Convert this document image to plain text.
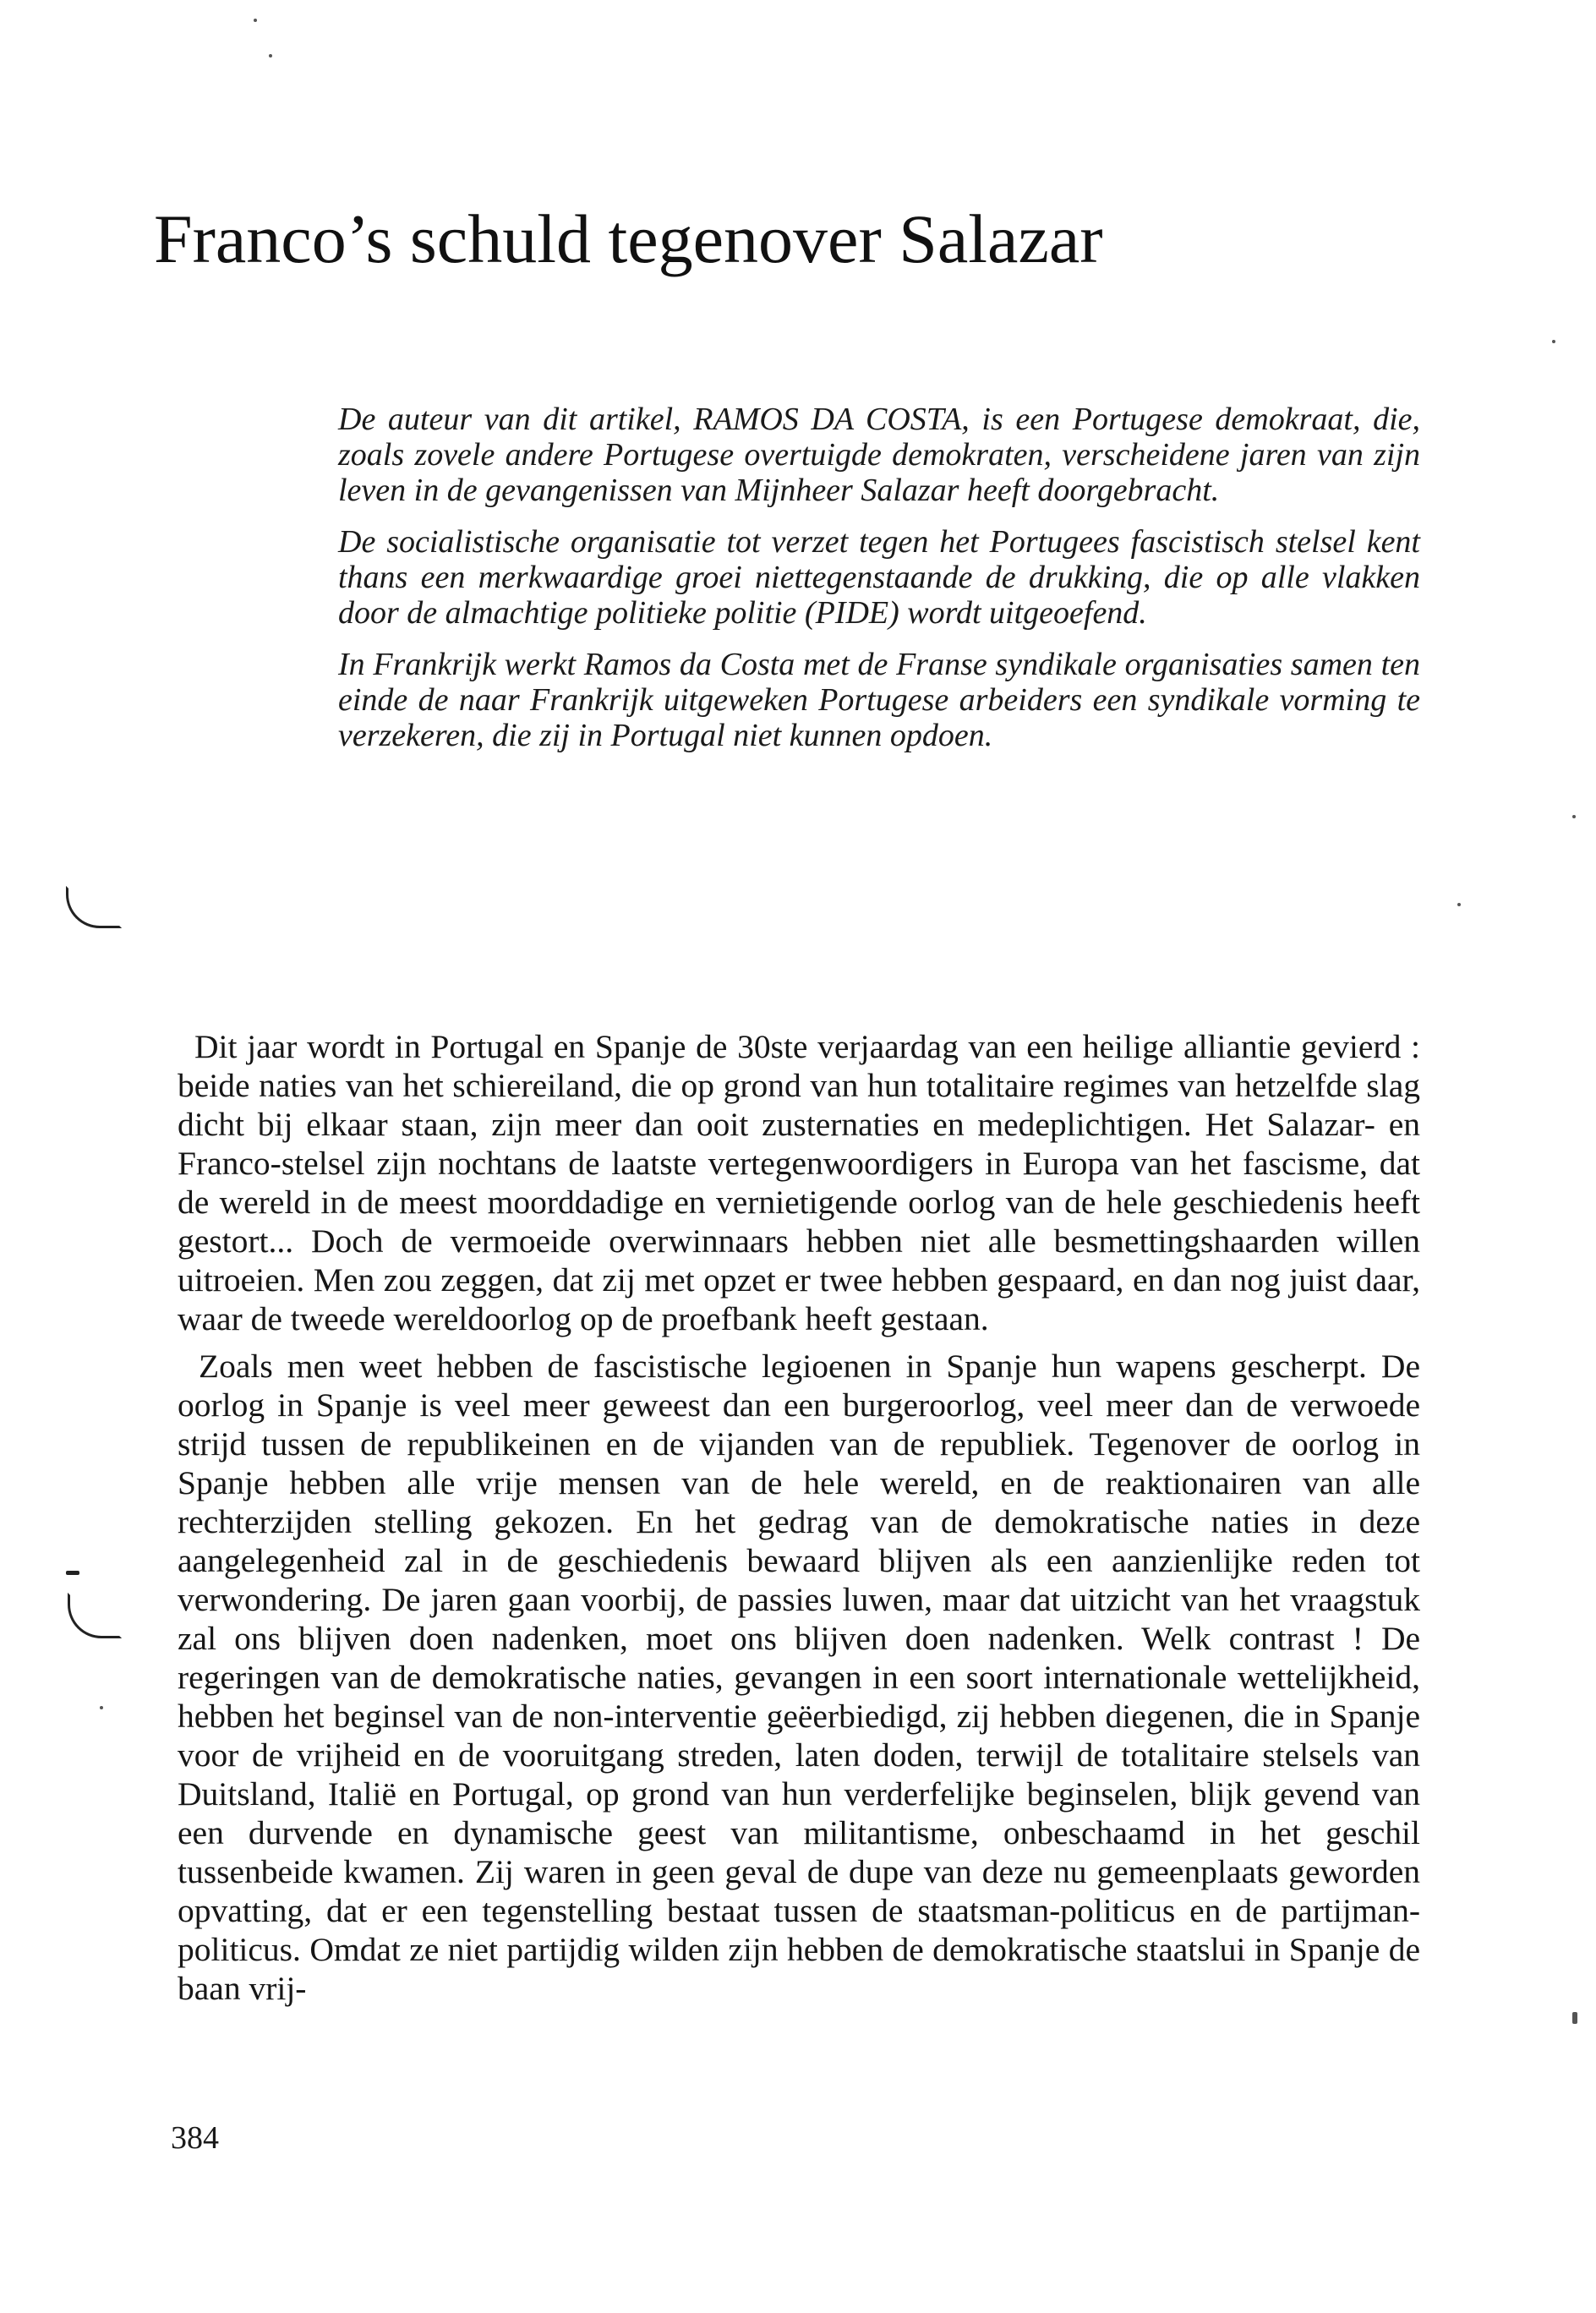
Franco’s schuld tegenover Salazar

De auteur van dit artikel, RAMOS DA COSTA, is een Portugese demokraat, die, zoals zovele andere Portugese overtuigde demokraten, verscheidene jaren van zijn leven in de gevangenissen van Mijnheer Salazar heeft doorgebracht.

De socialistische organisatie tot verzet tegen het Portugees fascistisch stelsel kent thans een merkwaardige groei niettegenstaande de drukking, die op alle vlakken door de almachtige politieke politie (PIDE) wordt uitgeoefend.

In Frankrijk werkt Ramos da Costa met de Franse syndikale organisaties samen ten einde de naar Frankrijk uitgeweken Portugese arbeiders een syndikale vorming te verzekeren, die zij in Portugal niet kunnen opdoen.

Dit jaar wordt in Portugal en Spanje de 30ste verjaardag van een heilige alliantie gevierd : beide naties van het schiereiland, die op grond van hun totalitaire regimes van hetzelfde slag dicht bij elkaar staan, zijn meer dan ooit zusternaties en medeplichtigen. Het Salazar- en Franco-stelsel zijn nochtans de laatste vertegenwoordigers in Europa van het fascisme, dat de wereld in de meest moorddadige en vernietigende oorlog van de hele geschiedenis heeft gestort... Doch de vermoeide overwinnaars hebben niet alle besmettingshaarden willen uitroeien. Men zou zeggen, dat zij met opzet er twee hebben gespaard, en dan nog juist daar, waar de tweede wereldoorlog op de proefbank heeft gestaan.

Zoals men weet hebben de fascistische legioenen in Spanje hun wapens gescherpt. De oorlog in Spanje is veel meer geweest dan een burgeroorlog, veel meer dan de verwoede strijd tussen de republikeinen en de vijanden van de republiek. Tegenover de oorlog in Spanje hebben alle vrije mensen van de hele wereld, en de reaktionairen van alle rechterzijden stelling gekozen. En het gedrag van de demokratische naties in deze aangelegenheid zal in de geschiedenis bewaard blijven als een aanzienlijke reden tot verwondering. De jaren gaan voorbij, de passies luwen, maar dat uitzicht van het vraagstuk zal ons blijven doen nadenken, moet ons blijven doen nadenken. Welk contrast ! De regeringen van de demokratische naties, gevangen in een soort internationale wettelijkheid, hebben het beginsel van de non-interventie geëerbiedigd, zij hebben diegenen, die in Spanje voor de vrijheid en de vooruitgang streden, laten doden, terwijl de totalitaire stelsels van Duitsland, Italië en Portugal, op grond van hun verderfelijke beginselen, blijk gevend van een durvende en dynamische geest van militantisme, onbeschaamd in het geschil tussenbeide kwamen. Zij waren in geen geval de dupe van deze nu gemeenplaats geworden opvatting, dat er een tegenstelling bestaat tussen de staatsman-politicus en de partijman-politicus. Omdat ze niet partijdig wilden zijn hebben de demokratische staatslui in Spanje de baan vrij-

384
